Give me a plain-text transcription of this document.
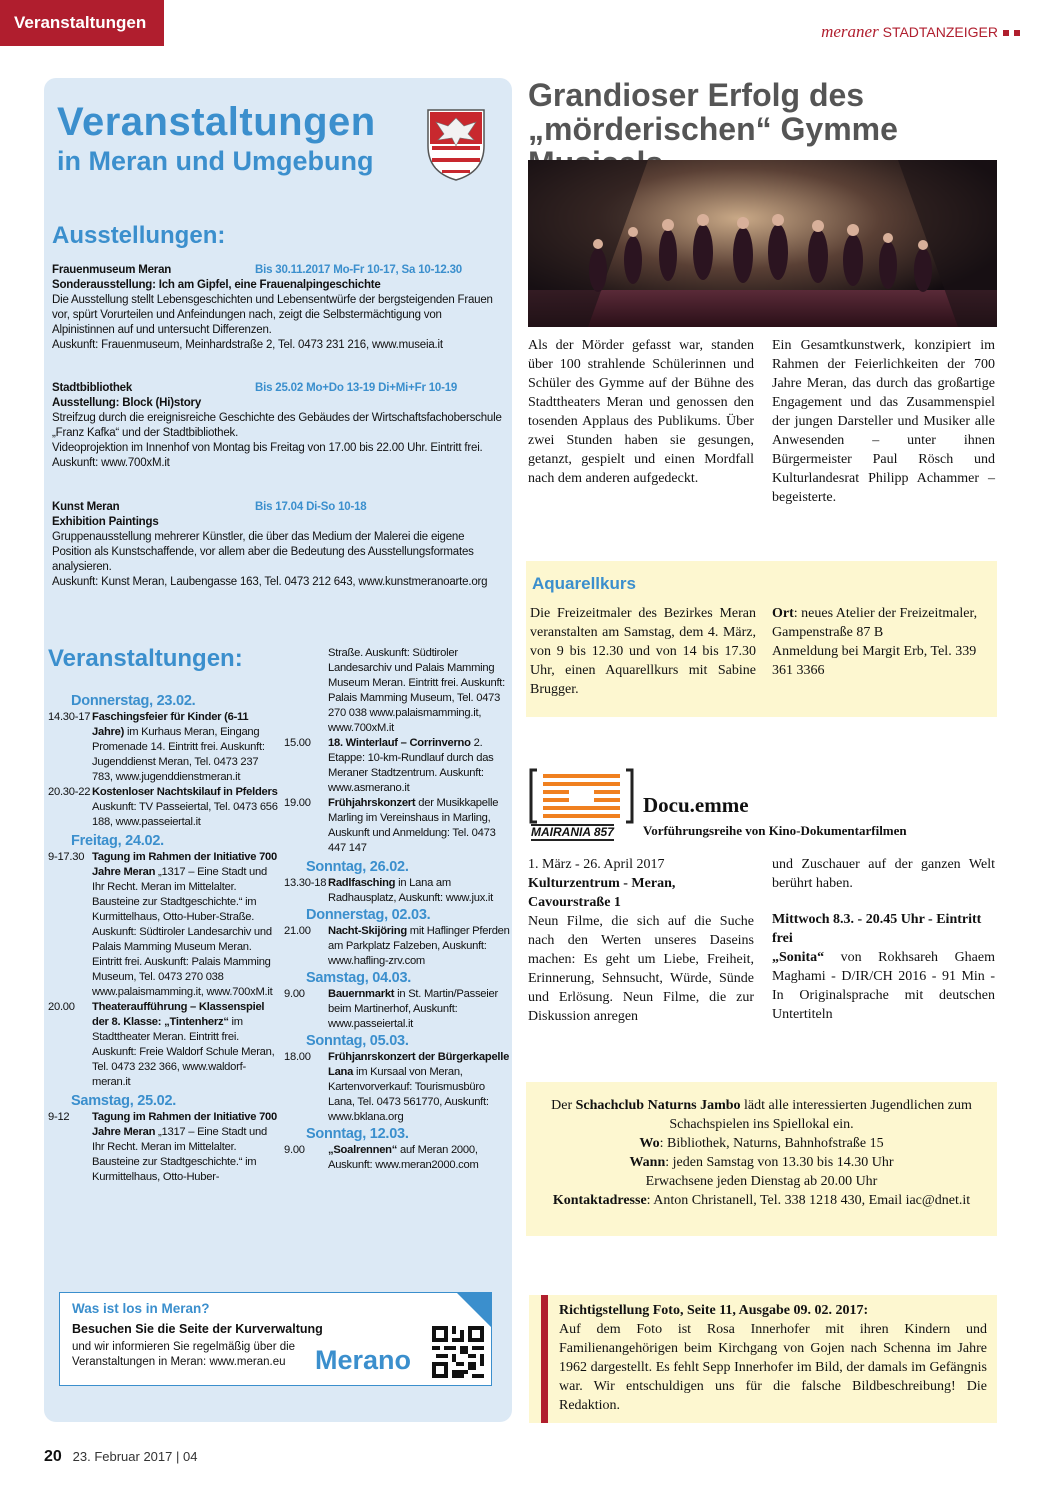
Veranstaltungen	meraner STADTANZEIGER
Veranstaltungen
in Meran und Umgebung
Ausstellungen:
Frauenmuseum Meran	Bis 30.11.2017 Mo-Fr 10-17, Sa 10-12.30
Sonderausstellung: Ich am Gipfel, eine Frauenalpingeschichte
Die Ausstellung stellt Lebensgeschichten und Lebensentwürfe der bergsteigenden Frauen vor, spürt Vorurteilen und Anfeindungen nach, zeigt die Selbstermächtigung von Alpinistinnen auf und untersucht Differenzen.
Auskunft: Frauenmuseum, Meinhardstraße 2, Tel. 0473 231 216, www.museia.it
Stadtbibliothek	Bis 25.02 Mo+Do 13-19 Di+Mi+Fr 10-19
Ausstellung: Block (Hi)story
Streifzug durch die ereignisreiche Geschichte des Gebäudes der Wirtschaftsfachoberschule „Franz Kafka“ und der Stadtbibliothek.
Videoprojektion im Innenhof von Montag bis Freitag von 17.00 bis 22.00 Uhr. Eintritt frei. Auskunft: www.700xM.it
Kunst Meran	Bis 17.04 Di-So 10-18
Exhibition Paintings
Gruppenausstellung mehrerer Künstler, die über das Medium der Malerei die eigene Position als Kunstschaffende, vor allem aber die Bedeutung des Ausstellungsformates analysieren.
Auskunft: Kunst Meran, Laubengasse 163, Tel. 0473 212 643, www.kunstmeranoarte.org
Veranstaltungen:
Donnerstag, 23.02.
14.30-17 Faschingsfeier für Kinder (6-11 Jahre) im Kurhaus Meran, Eingang Promenade 14. Eintritt frei. Auskunft: Jugenddienst Meran, Tel. 0473 237 783, www.jugenddienstmeran.it
20.30-22 Kostenloser Nachtskilauf in Pfelders Auskunft: TV Passeiertal, Tel. 0473 656 188, www.passeiertal.it
Freitag, 24.02.
9-17.30 Tagung im Rahmen der Initiative 700 Jahre Meran „1317 – Eine Stadt und Ihr Recht. Meran im Mittelalter. Bausteine zur Stadtgeschichte.“ im Kurmittelhaus, Otto-Huber-Straße. Auskunft: Südtiroler Landesarchiv und Palais Mamming Museum Meran. Eintritt frei. Auskunft: Palais Mamming Museum, Tel. 0473 270 038 www.palaismamming.it, www.700xM.it
20.00	Theateraufführung – Klassenspiel der 8. Klasse: „Tintenherz“ im Stadttheater Meran. Eintritt frei. Auskunft: Freie Waldorf Schule Meran, Tel. 0473 232 366, www.waldorf-meran.it
Samstag, 25.02.
9-12	Tagung im Rahmen der Initiative 700 Jahre Meran „1317 – Eine Stadt und Ihr Recht. Meran im Mittelalter. Bausteine zur Stadtgeschichte.“ im Kurmittelhaus, Otto-Huber-
Straße. Auskunft: Südtiroler Landesarchiv und Palais Mamming Museum Meran. Eintritt frei. Auskunft: Palais Mamming Museum, Tel. 0473 270 038 www.palaismamming.it, www.700xM.it
15.00	18. Winterlauf – Corrinverno 2. Etappe: 10-km-Rundlauf durch das Meraner Stadtzentrum. Auskunft: www.asmerano.it
19.00	Frühjahrskonzert der Musikkapelle Marling im Vereinshaus in Marling, Auskunft und Anmeldung: Tel. 0473 447 147
Sonntag, 26.02.
13.30-18 Radlfasching in Lana am Radhausplatz, Auskunft: www.jux.it
Donnerstag, 02.03.
21.00	Nacht-Skijöring mit Haflinger Pferden am Parkplatz Falzeben, Auskunft: www.hafling-zrv.com
Samstag, 04.03.
9.00	Bauernmarkt in St. Martin/Passeier beim Martinerhof, Auskunft: www.passeiertal.it
Sonntag, 05.03.
18.00	Frühjanrskonzert der Bürgerkapelle Lana im Kursaal von Meran, Kartenvorverkauf: Tourismusbüro Lana, Tel. 0473 561770, Auskunft: www.bklana.org
Sonntag, 12.03.
9.00	„Soalrennen“ auf Meran 2000, Auskunft: www.meran2000.com
Was ist los in Meran?
Besuchen Sie die Seite der Kurverwaltung
und wir informieren Sie regelmäßig über die Veranstaltungen in Meran: www.meran.eu	Merano
Grandioser Erfolg des „mörderischen“ Gymme
Als der Mörder gefasst war, standen über 100 strahlende Schülerinnen und Schüler des Gymme auf der Bühne des Stadttheaters Meran und genossen den tosenden Applaus des Publikums. Über zwei Stunden haben sie gesungen, getanzt, gespielt und einen Mordfall nach dem anderen aufgedeckt.
Ein Gesamtkunstwerk, konzipiert im Rahmen der Feierlichkeiten der 700 Jahre Meran, das durch das großartige Engagement und das Zusammenspiel der jungen Darsteller und Musiker alle Anwesenden – unter ihnen Bürgermeister Paul Rösch und Kulturlandesrat Philipp Achammer – begeisterte.
Aquarellkurs
Die Freizeitmaler des Bezirkes Meran veranstalten am Samstag, dem 4. März, von 9 bis 12.30 und von 14 bis 17.30 Uhr, einen Aquarellkurs mit Sabine Brugger.
Ort: neues Atelier der Freizeitmaler, Gampenstraße 87 B
Anmeldung bei Margit Erb, Tel. 339 361 3366
MAIRANIA 857
Docu.emme
Vorführungsreihe von Kino-Dokumentarfilmen
1. März - 26. April 2017
Kulturzentrum - Meran, Cavourstraße 1
Neun Filme, die sich auf die Suche nach den Werten unseres Daseins machen: Es geht um Liebe, Freiheit, Erinnerung, Sehnsucht, Würde, Sünde und Erlösung. Neun Filme, die zur Diskussion anregen
und Zuschauer auf der ganzen Welt berührt haben.
Mittwoch 8.3. - 20.45 Uhr - Eintritt frei
„Sonita“ von Rokhsareh Ghaem Maghami - D/IR/CH 2016 - 91 Min - In Originalsprache mit deutschen Untertiteln
Der Schachclub Naturns Jambo lädt alle interessierten Jugendlichen zum Schachspielen ins Spiellokal ein.
Wo: Bibliothek, Naturns, Bahnhofstraße 15
Wann: jeden Samstag von 13.30 bis 14.30 Uhr
Erwachsene jeden Dienstag ab 20.00 Uhr
Kontaktadresse: Anton Christanell, Tel. 338 1218 430, Email iac@dnet.it
Richtigstellung Foto, Seite 11, Ausgabe 09. 02. 2017:
Auf dem Foto ist Rosa Innerhofer mit ihren Kindern und Familienangehörigen beim Kirchgang von Gojen nach Schenna im Jahre 1962 dargestellt. Es fehlt Sepp Innerhofer im Bild, der damals im Gefängnis war. Wir entschuldigen uns für die falsche Bildbeschreibung! Die Redaktion.
20 23. Februar 2017 | 04
